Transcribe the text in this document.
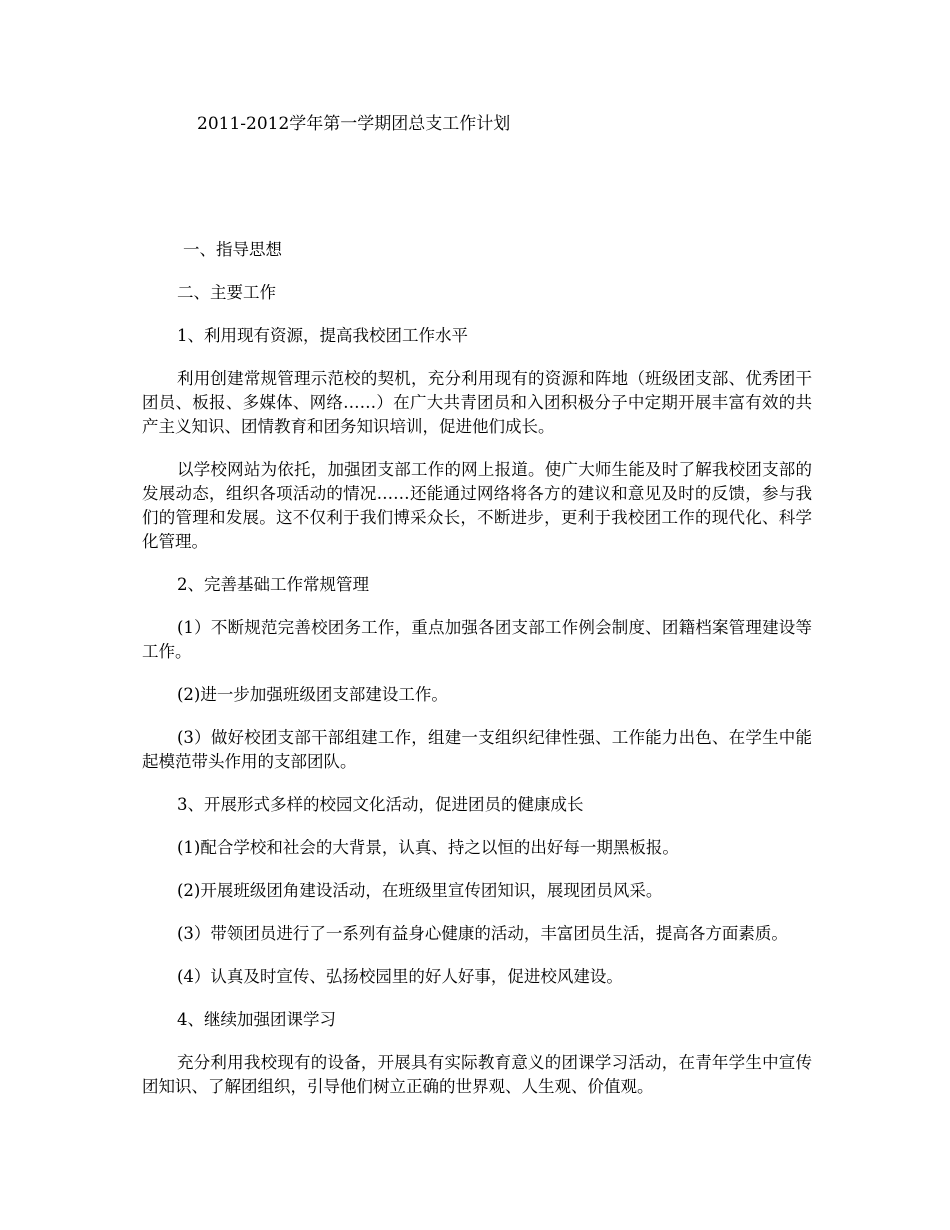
2011-2012学年第一学期团总支工作计划

一、指导思想

二、主要工作

1、利用现有资源，提高我校团工作水平

利用创建常规管理示范校的契机，充分利用现有的资源和阵地（班级团支部、优秀团干团员、板报、多媒体、网络……）在广大共青团员和入团积极分子中定期开展丰富有效的共产主义知识、团情教育和团务知识培训，促进他们成长。

以学校网站为依托，加强团支部工作的网上报道。使广大师生能及时了解我校团支部的发展动态，组织各项活动的情况……还能通过网络将各方的建议和意见及时的反馈，参与我们的管理和发展。这不仅利于我们博采众长，不断进步，更利于我校团工作的现代化、科学化管理。

2、完善基础工作常规管理

(1）不断规范完善校团务工作，重点加强各团支部工作例会制度、团籍档案管理建设等工作。

(2)进一步加强班级团支部建设工作。

(3）做好校团支部干部组建工作，组建一支组织纪律性强、工作能力出色、在学生中能起模范带头作用的支部团队。

3、开展形式多样的校园文化活动，促进团员的健康成长

(1)配合学校和社会的大背景，认真、持之以恒的出好每一期黑板报。

(2)开展班级团角建设活动，在班级里宣传团知识，展现团员风采。

(3）带领团员进行了一系列有益身心健康的活动，丰富团员生活，提高各方面素质。

(4）认真及时宣传、弘扬校园里的好人好事，促进校风建设。

4、继续加强团课学习

充分利用我校现有的设备，开展具有实际教育意义的团课学习活动，在青年学生中宣传团知识、了解团组织，引导他们树立正确的世界观、人生观、价值观。
